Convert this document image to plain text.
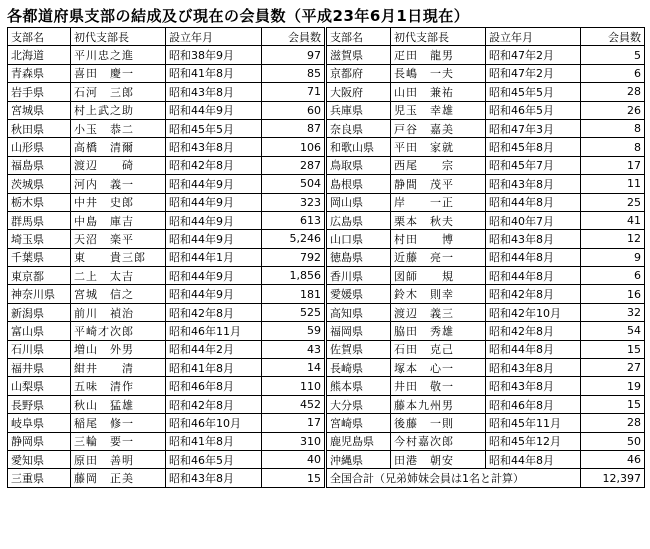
各都道府県支部の結成及び現在の会員数（平成23年6月1日現在）
支部名	初代支部長	設立年月	会員数
北海道	平川忠之進	昭和38年9月	97
青森県	喜田　慶一	昭和41年8月	85
岩手県	石河　三郎	昭和43年8月	71
宮城県	村上武之助	昭和44年9月	60
秋田県	小玉　恭二	昭和45年5月	87
山形県	高橋　清爾	昭和43年8月	106
福島県	渡辺　　碕	昭和42年8月	287
茨城県	河内　義一	昭和44年9月	504
栃木県	中井　史郎	昭和44年9月	323
群馬県	中島　庫吉	昭和44年9月	613
埼玉県	天沼　楽平	昭和44年9月	5,246
千葉県	東　　貴三郎	昭和44年1月	792
東京都	二上　太吉	昭和44年9月	1,856
神奈川県	宮城　信之	昭和44年9月	181
新潟県	前川　禎治	昭和42年8月	525
富山県	平崎才次郎	昭和46年11月	59
石川県	増山　外男	昭和44年2月	43
福井県	紺井　　清	昭和41年8月	14
山梨県	五味　清作	昭和46年8月	110
長野県	秋山　猛雄	昭和42年8月	452
岐阜県	稲尾　修一	昭和46年10月	17
静岡県	三輪　要一	昭和41年8月	310
愛知県	原田　善明	昭和46年5月	40
三重県	藤岡　正美	昭和43年8月	15
支部名	初代支部長	設立年月	会員数
滋賀県	疋田　龍男	昭和47年2月	5
京都府	長嶋　一夫	昭和47年2月	6
大阪府	山田　兼祐	昭和45年5月	28
兵庫県	児玉　幸雄	昭和46年5月	26
奈良県	戸谷　嘉美	昭和47年3月	8
和歌山県	平田　家就	昭和45年8月	8
鳥取県	西尾　　宗	昭和45年7月	17
島根県	静間　茂平	昭和43年8月	11
岡山県	岸　　一正	昭和44年8月	25
広島県	栗本　秋夫	昭和40年7月	41
山口県	村田　　博	昭和43年8月	12
徳島県	近藤　亮一	昭和44年8月	9
香川県	図師　　規	昭和44年8月	6
愛媛県	鈴木　則幸	昭和42年8月	16
高知県	渡辺　義三	昭和42年10月	32
福岡県	脇田　秀雄	昭和42年8月	54
佐賀県	石田　克己	昭和44年8月	15
長崎県	塚本　心一	昭和43年8月	27
熊本県	井田　敬一	昭和43年8月	19
大分県	藤本九州男	昭和46年8月	15
宮崎県	後藤　一則	昭和45年11月	28
鹿児島県	今村嘉次郎	昭和45年12月	50
沖縄県	田港　朝安	昭和44年8月	46
全国合計（兄弟姉妹会員は1名と計算）			12,397
